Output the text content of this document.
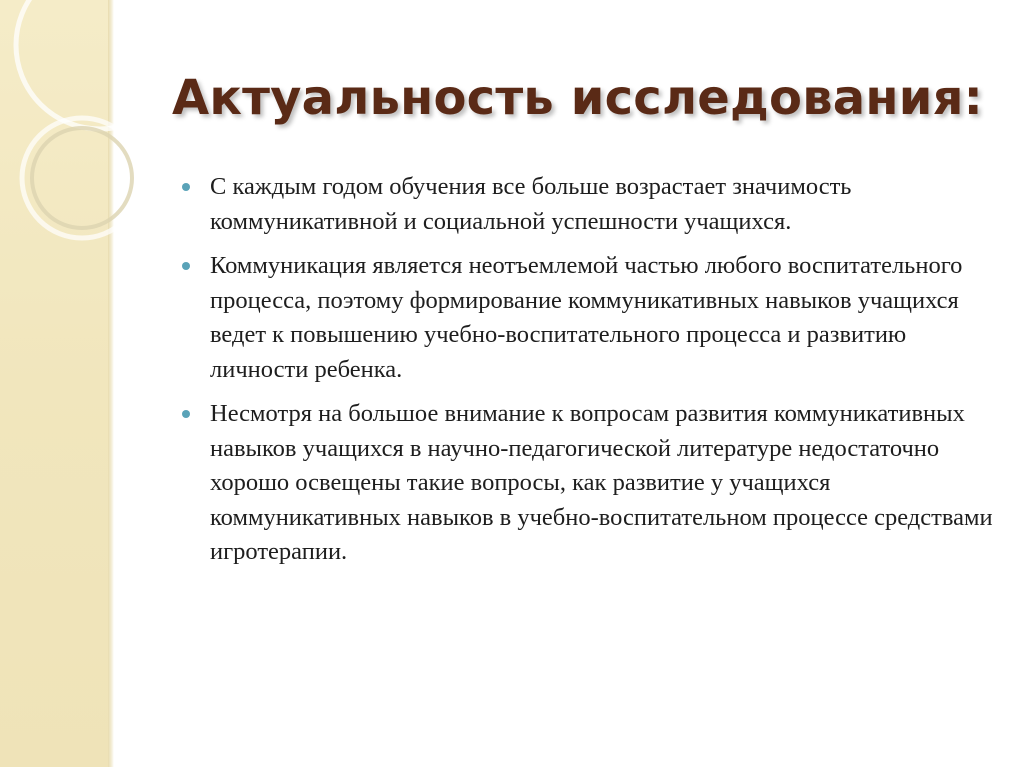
Актуальность исследования:
С каждым годом обучения все больше возрастает значимость коммуникативной и социальной успешности учащихся.
Коммуникация является неотъемлемой частью любого воспитательного процесса, поэтому формирование коммуникативных навыков учащихся ведет к повышению учебно-воспитательного процесса и развитию личности ребенка.
Несмотря на большое внимание к вопросам развития коммуникативных навыков учащихся в научно-педагогической литературе недостаточно хорошо освещены такие вопросы, как развитие у учащихся коммуникативных навыков в учебно-воспитательном процессе средствами игротерапии.
